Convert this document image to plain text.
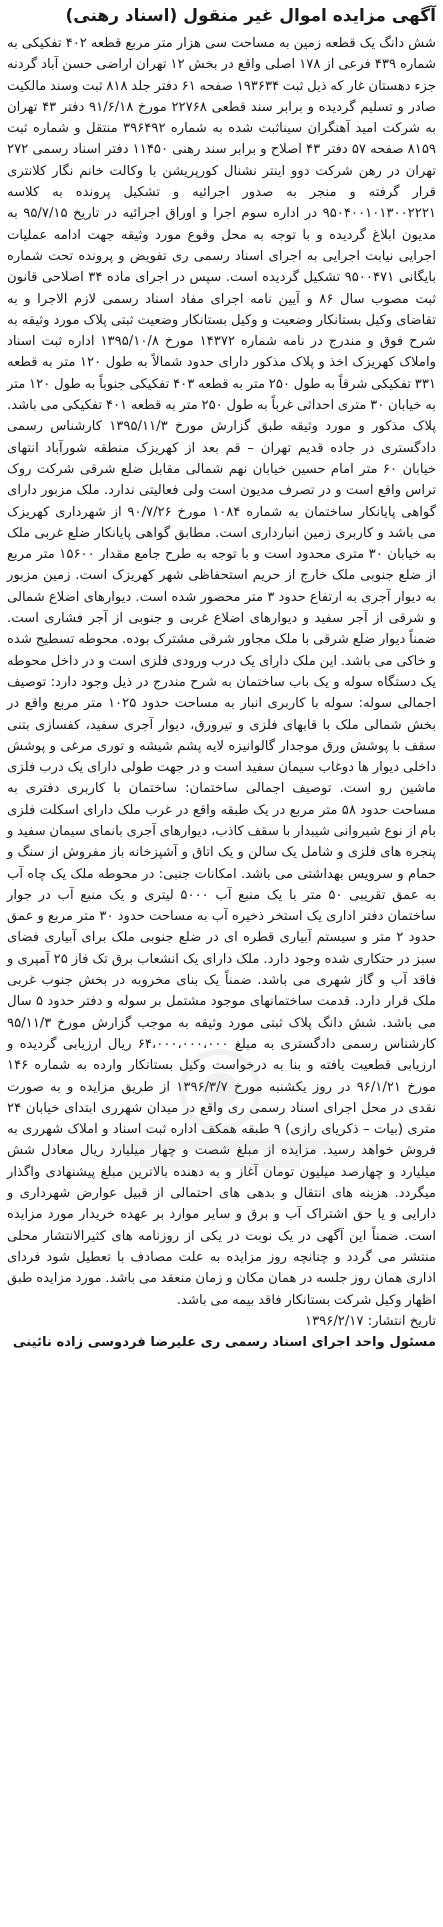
آگهی مزایده اموال غیر منقول (اسناد رهنی)

شش دانگ یک قطعه زمین به مساحت سی هزار متر مربع قطعه ۴۰۲ تفکیکی به شماره ۴۳۹ فرعی از ۱۷۸ اصلی واقع در بخش ۱۲ تهران اراضی حسن آباد گردنه جزء دهستان غار که ذیل ثبت ۱۹۳۶۳۴ صفحه ۶۱ دفتر جلد ۸۱۸ ثبت وسند مالکیت صادر و تسلیم گردیده و برابر سند قطعی ۲۲۷۶۸ مورخ ۹۱/۶/۱۸ دفتر ۴۳ تهران به شرکت امید آهنگران سیناثبت شده به شماره ۳۹۶۴۹۲ منتقل و شماره ثبت ۸۱۵۹ صفحه ۵۷ دفتر ۴۳ اصلاح و برابر سند رهنی ۱۱۴۵۰ دفتر اسناد رسمی ۲۷۲ تهران در رهن شرکت دوو اینتر نشنال کورپریشن با وکالت خانم نگار کلانتری قرار گرفته و منجر به صدور اجرائیه و تشکیل پرونده به کلاسه ۹۵۰۴۰۰۱۰۱۳۰۰۲۲۲۱ در اداره سوم اجرا و اوراق اجرائیه در تاریخ ۹۵/۷/۱۵ به مدیون ابلاغ گردیده و با توجه به محل وقوع مورد وثیقه جهت ادامه عملیات اجرایی نیابت اجرایی به اجرای اسناد رسمی ری تفویض و پرونده تحت شماره بایگانی ۹۵۰۰۴۷۱ تشکیل گردیده است. سپس در اجرای ماده ۳۴ اصلاحی قانون ثبت مصوب سال ۸۶ و آیین نامه اجرای مفاد اسناد رسمی لازم الاجرا و به تقاضای وکیل بستانکار وضعیت و وکیل بستانکار وضعیت ثبتی پلاک مورد وثیقه به شرح فوق و مندرج در نامه شماره ۱۴۳۷۲ مورخ ۱۳۹۵/۱۰/۸ اداره ثبت اسناد واملاک کهریزک اخذ و پلاک مذکور دارای حدود شمالاً به طول ۱۲۰ متر به قطعه ۳۳۱ تفکیکی شرقاً به طول ۲۵۰ متر به قطعه ۴۰۳ تفکیکی جنوباً به طول ۱۲۰ متر به خیابان ۳۰ متری احداثی غرباً به طول ۲۵۰ متر به قطعه ۴۰۱ تفکیکی می باشد. پلاک مذکور و مورد وثیقه طبق گزارش مورخ ۱۳۹۵/۱۱/۳ کارشناس رسمی دادگستری در جاده قدیم تهران – قم بعد از کهریزک منطقه شورآباد انتهای خیابان ۶۰ متر امام حسین خیابان نهم شمالی مقابل ضلع شرقی شرکت روک تراس واقع است و در تصرف مدیون است ولی فعالیتی ندارد. ملک مزبور دارای گواهی پایانکار ساختمان به شماره ۱۰۸۴ مورخ ۹۰/۷/۲۶ از شهرداری کهریزک می باشد و کاربری زمین انبارداری است. مطابق گواهی پایانکار ضلع غربی ملک به خیابان ۳۰ متری محدود است و با توجه به طرح جامع مقدار ۱۵۶۰۰ متر مربع از ضلع جنوبی ملک خارج از حریم استحفاظی شهر کهریزک است. زمین مزبور به دیوار آجری به ارتفاع حدود ۳ متر محصور شده است. دیوارهای اضلاع شمالی و شرقی از آجر سفید و دیوارهای اضلاع غربی و جنوبی از آجر فشاری است. ضمناً دیوار ضلع شرقی با ملک مجاور شرقی مشترک بوده. محوطه تسطیح شده و خاکی می باشد. این ملک دارای یک درب ورودی فلزی است و در داخل محوطه یک دستگاه سوله و یک باب ساختمان به شرح مندرج در ذیل وجود دارد: توصیف اجمالی سوله: سوله با کاربری انبار به مساحت حدود ۱۰۲۵ متر مربع واقع در بخش شمالی ملک با قابهای فلزی و تیرورق، دیوار آجری سفید، کفسازی بتنی سقف با پوشش ورق موجدار گالوانیزه لایه پشم شیشه و توری مرغی و پوشش داخلی دیوار ها دوغاب سیمان سفید است و در جهت طولی دارای یک درب فلزی ماشین رو است. توصیف اجمالی ساختمان: ساختمان با کاربری دفتری به مساحت حدود ۵۸ متر مربع در یک طبقه واقع در غرب ملک دارای اسکلت فلزی بام از نوع شیروانی شیبدار با سقف کاذب، دیوارهای آجری بانمای سیمان سفید و پنجره های فلزی و شامل یک سالن و یک اتاق و آشپزخانه باز مفروش از سنگ و حمام و سرویس بهداشتی می باشد. امکانات جنبی: در محوطه ملک یک چاه آب به عمق تقریبی ۵۰ متر با یک منبع آب ۵۰۰۰ لیتری و یک منبع آب در جوار ساختمان دفتر اداری یک استخر ذخیره آب به مساحت حدود ۳۰ متر مربع و عمق حدود ۲ متر و سیستم آبیاری قطره ای در ضلع جنوبی ملک برای آبیاری فضای سبز در حتکاری شده وجود دارد. ملک دارای یک انشعاب برق تک فاز ۲۵ آمپری و فاقد آب و گاز شهری می باشد. ضمناً یک بنای مخروبه در بخش جنوب غربی ملک قرار دارد. قدمت ساختمانهای موجود مشتمل بر سوله و دفتر حدود ۵ سال می باشد. شش دانگ پلاک ثبتی مورد وثیقه به موجب گزارش مورخ ۹۵/۱۱/۳ کارشناس رسمی دادگستری به مبلغ ۶۴،۰۰۰،۰۰۰،۰۰۰ ریال ارزیابی گردیده و ارزیابی قطعیت یافته و بنا به درخواست وکیل بستانکار وارده به شماره ۱۴۶ مورخ ۹۶/۱/۲۱ در روز یکشنبه مورخ ۱۳۹۶/۳/۷ از طریق مزایده و به صورت نقدی در محل اجرای اسناد رسمی ری واقع در میدان شهرری ابتدای خیابان ۲۴ متری (بیات – ذکریای رازی) ۹ طبقه همکف اداره ثبت اسناد و املاک شهرری به فروش خواهد رسید. مزایده از مبلغ شصت و چهار میلیارد ریال معادل شش میلیارد و چهارصد میلیون تومان آغاز و به دهنده بالاترین مبلغ پیشنهادی واگذار میگردد. هزینه های انتقال و بدهی های احتمالی از قبیل عوارض شهرداری و دارایی و یا حق اشتراک آب و برق و سایر موارد بر عهده خریدار مورد مزایده است. ضمناً این آگهی در یک نوبت در یکی از روزنامه های کثیرالانتشار محلی منتشر می گردد و چنانچه روز مزایده به علت مصادف با تعطیل شود فردای اداری همان روز جلسه در همان مکان و زمان منعقد می باشد. مورد مزایده طبق اظهار وکیل شرکت بستانکار فاقد بیمه می باشد.

تاریخ انتشار: ۱۳۹۶/۲/۱۷

مسئول واحد اجرای اسناد رسمی ری علیرضا فردوسی زاده نائینی
